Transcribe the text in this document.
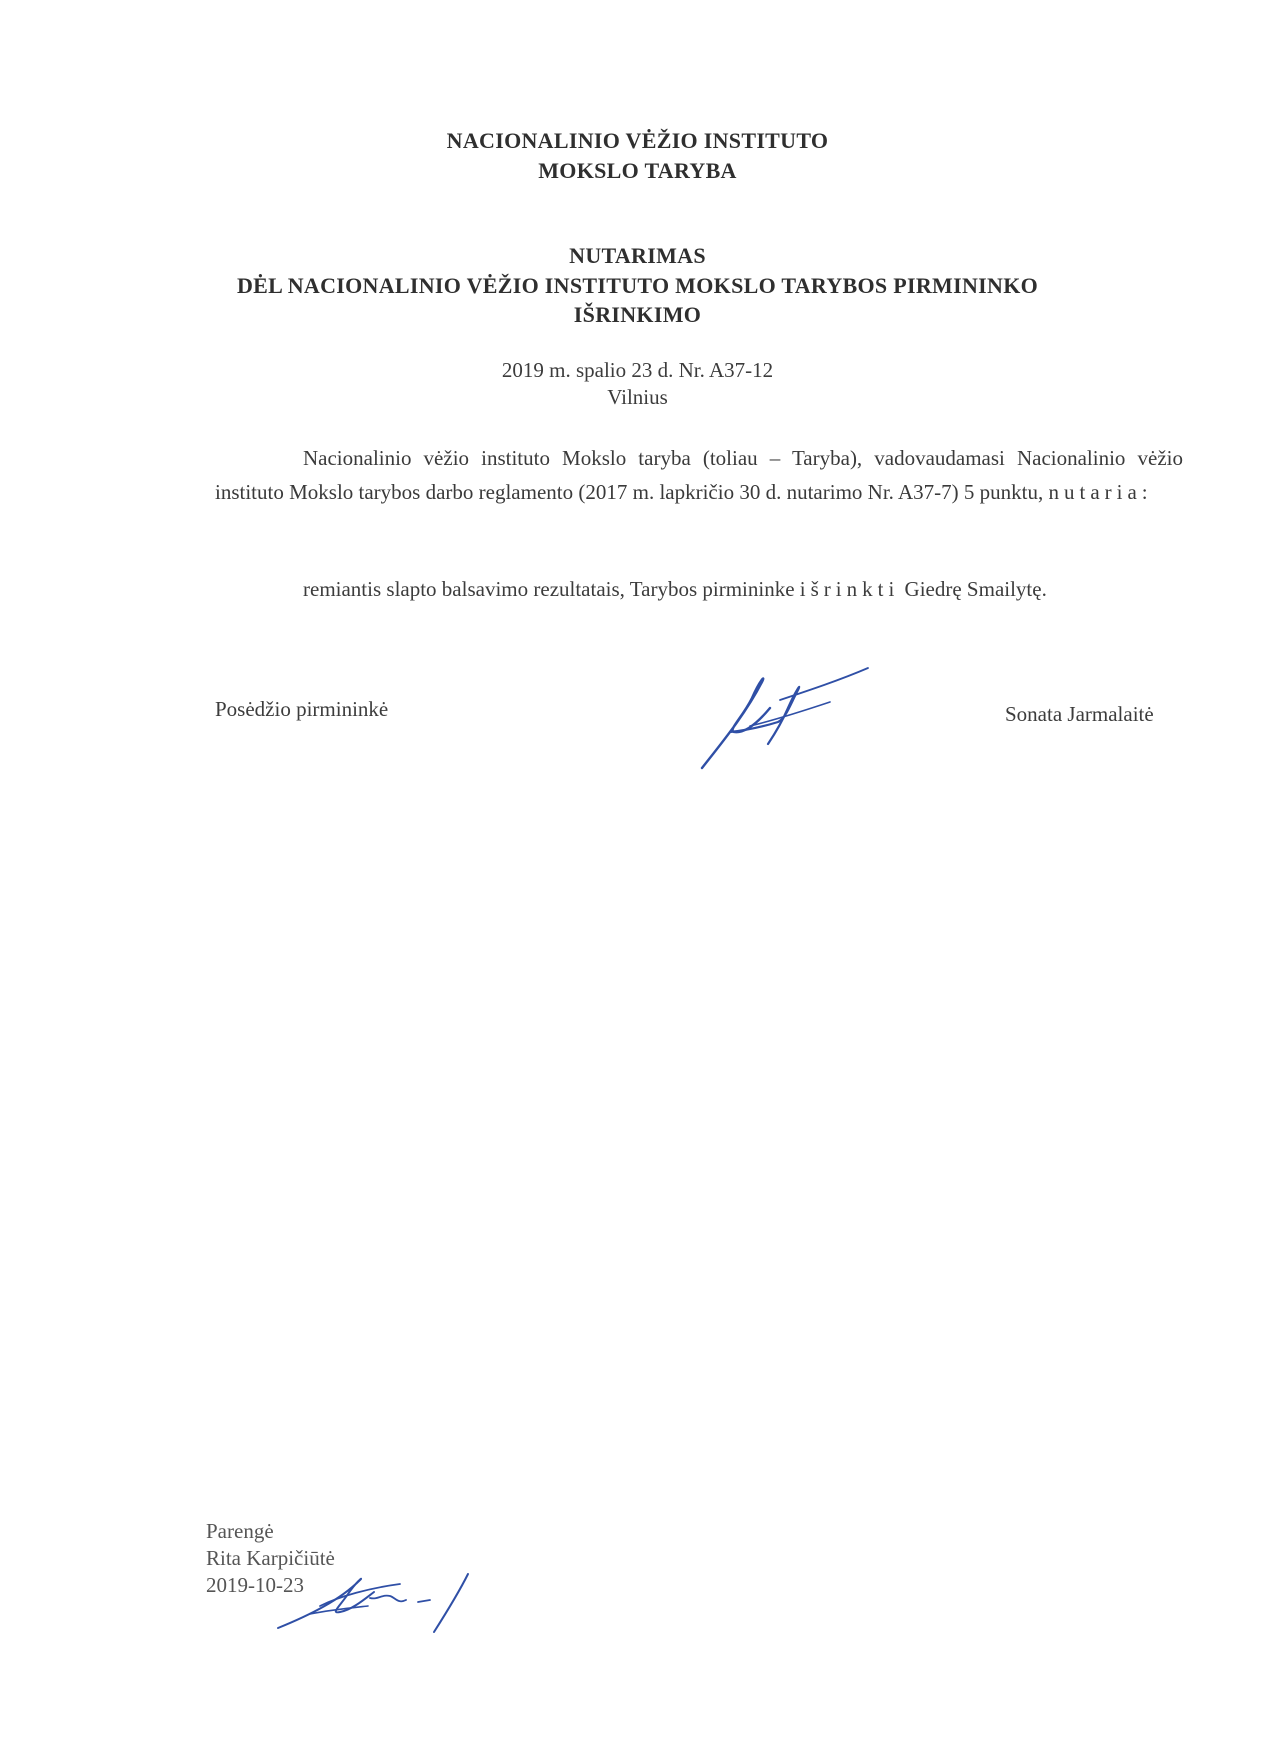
NACIONALINIO VĖŽIO INSTITUTO
MOKSLO TARYBA
NUTARIMAS
DĖL NACIONALINIO VĖŽIO INSTITUTO MOKSLO TARYBOS PIRMININKO
IŠRINKIMO
2019 m. spalio 23 d. Nr. A37-12
Vilnius
Nacionalinio vėžio instituto Mokslo taryba (toliau – Taryba), vadovaudamasi Nacionalinio vėžio instituto Mokslo tarybos darbo reglamento (2017 m. lapkričio 30 d. nutarimo Nr. A37-7) 5 punktu, nutaria:
remiantis slapto balsavimo rezultatais, Tarybos pirmininke išrinkti Giedrę Smailytę.
Posėdžio pirmininkė	Sonata Jarmalaitė
Parengė
Rita Karpičiūtė
2019-10-23
